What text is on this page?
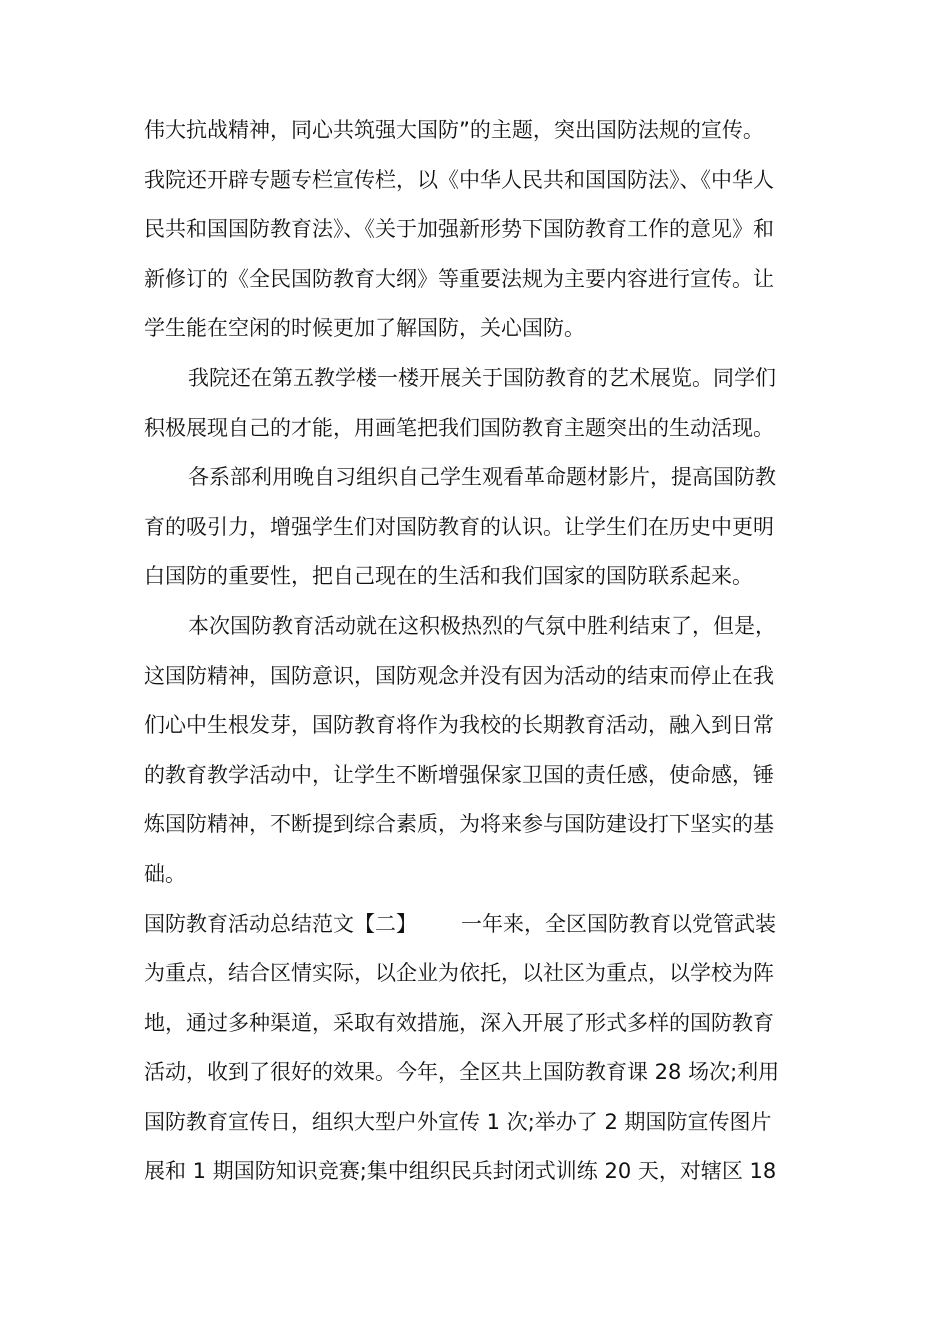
伟大抗战精神，同心共筑强大国防”的主题，突出国防法规的宣传。
我院还开辟专题专栏宣传栏，以《中华人民共和国国防法》、《中华人
民共和国国防教育法》、《关于加强新形势下国防教育工作的意见》和
新修订的《全民国防教育大纲》等重要法规为主要内容进行宣传。让
学生能在空闲的时候更加了解国防，关心国防。
我院还在第五教学楼一楼开展关于国防教育的艺术展览。同学们
积极展现自己的才能，用画笔把我们国防教育主题突出的生动活现。
各系部利用晚自习组织自己学生观看革命题材影片，提高国防教
育的吸引力，增强学生们对国防教育的认识。让学生们在历史中更明
白国防的重要性，把自己现在的生活和我们国家的国防联系起来。
本次国防教育活动就在这积极热烈的气氛中胜利结束了，但是，
这国防精神，国防意识，国防观念并没有因为活动的结束而停止在我
们心中生根发芽，国防教育将作为我校的长期教育活动，融入到日常
的教育教学活动中，让学生不断增强保家卫国的责任感，使命感，锤
炼国防精神，不断提到综合素质，为将来参与国防建设打下坚实的基
础。
国防教育活动总结范文【二】 一年来，全区国防教育以党管武装
为重点，结合区情实际，以企业为依托，以社区为重点，以学校为阵
地，通过多种渠道，采取有效措施，深入开展了形式多样的国防教育
活动，收到了很好的效果。今年，全区共上国防教育课 28 场次;利用
国防教育宣传日，组织大型户外宣传 1 次;举办了 2 期国防宣传图片
展和 1 期国防知识竞赛;集中组织民兵封闭式训练 20 天，对辖区 18
